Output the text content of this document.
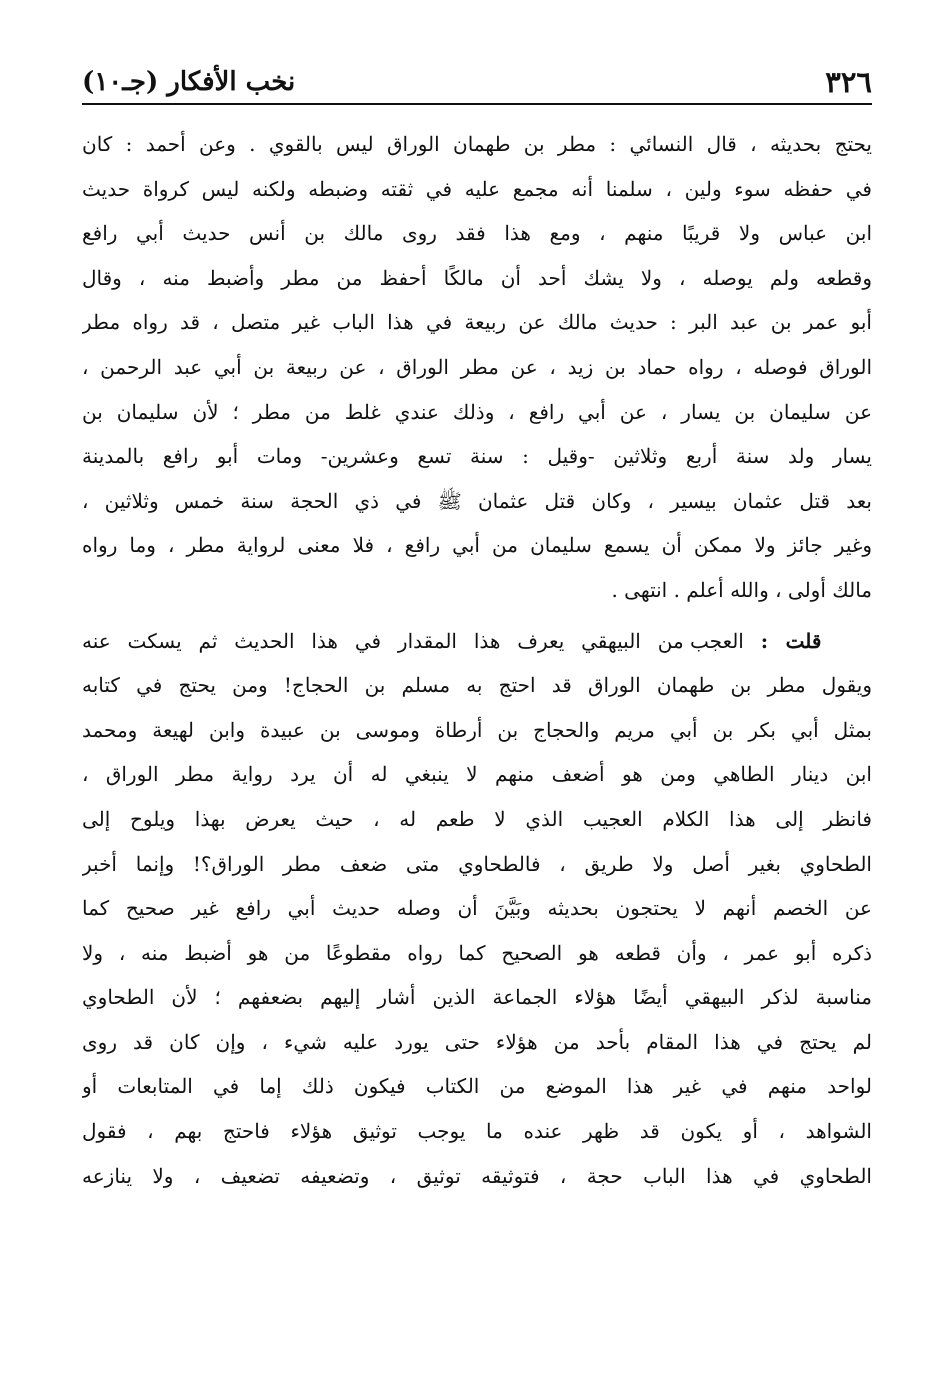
٣٢٦
نخب الأفكار (جـ١٠)
يحتج بحديثه ، قال النسائي : مطر بن طهمان الوراق ليس بالقوي . وعن أحمد : كان
في حفظه سوء ولين ، سلمنا أنه مجمع عليه في ثقته وضبطه ولكنه ليس كرواة حديث
ابن عباس ولا قريبًا منهم ، ومع هذا فقد روى مالك بن أنس حديث أبي رافع
وقطعه ولم يوصله ، ولا يشك أحد أن مالكًا أحفظ من مطر وأضبط منه ، وقال
أبو عمر بن عبد البر : حديث مالك عن ربيعة في هذا الباب غير متصل ، قد رواه مطر
الوراق فوصله ، رواه حماد بن زيد ، عن مطر الوراق ، عن ربيعة بن أبي عبد الرحمن ،
عن سليمان بن يسار ، عن أبي رافع ، وذلك عندي غلط من مطر ؛ لأن سليمان بن
يسار ولد سنة أربع وثلاثين -وقيل : سنة تسع وعشرين- ومات أبو رافع بالمدينة
بعد قتل عثمان بيسير ، وكان قتل عثمان ﷺ في ذي الحجة سنة خمس وثلاثين ،
وغير جائز ولا ممكن أن يسمع سليمان من أبي رافع ، فلا معنى لرواية مطر ، وما رواه
مالك أولى ، والله أعلم . انتهى .
قلت : العجب من البيهقي يعرف هذا المقدار في هذا الحديث ثم يسكت عنه
ويقول مطر بن طهمان الوراق قد احتج به مسلم بن الحجاج! ومن يحتج في كتابه
بمثل أبي بكر بن أبي مريم والحجاج بن أرطاة وموسى بن عبيدة وابن لهيعة ومحمد
ابن دينار الطاهي ومن هو أضعف منهم لا ينبغي له أن يرد رواية مطر الوراق ،
فانظر إلى هذا الكلام العجيب الذي لا طعم له ، حيث يعرض بهذا ويلوح إلى
الطحاوي بغير أصل ولا طريق ، فالطحاوي متى ضعف مطر الوراق؟! وإنما أخبر
عن الخصم أنهم لا يحتجون بحديثه وبَيَّنَ أن وصله حديث أبي رافع غير صحيح كما
ذكره أبو عمر ، وأن قطعه هو الصحيح كما رواه مقطوعًا من هو أضبط منه ، ولا
مناسبة لذكر البيهقي أيضًا هؤلاء الجماعة الذين أشار إليهم بضعفهم ؛ لأن الطحاوي
لم يحتج في هذا المقام بأحد من هؤلاء حتى يورد عليه شيء ، وإن كان قد روى
لواحد منهم في غير هذا الموضع من الكتاب فيكون ذلك إما في المتابعات أو
الشواهد ، أو يكون قد ظهر عنده ما يوجب توثيق هؤلاء فاحتج بهم ، فقول
الطحاوي في هذا الباب حجة ، فتوثيقه توثيق ، وتضعيفه تضعيف ، ولا ينازعه
